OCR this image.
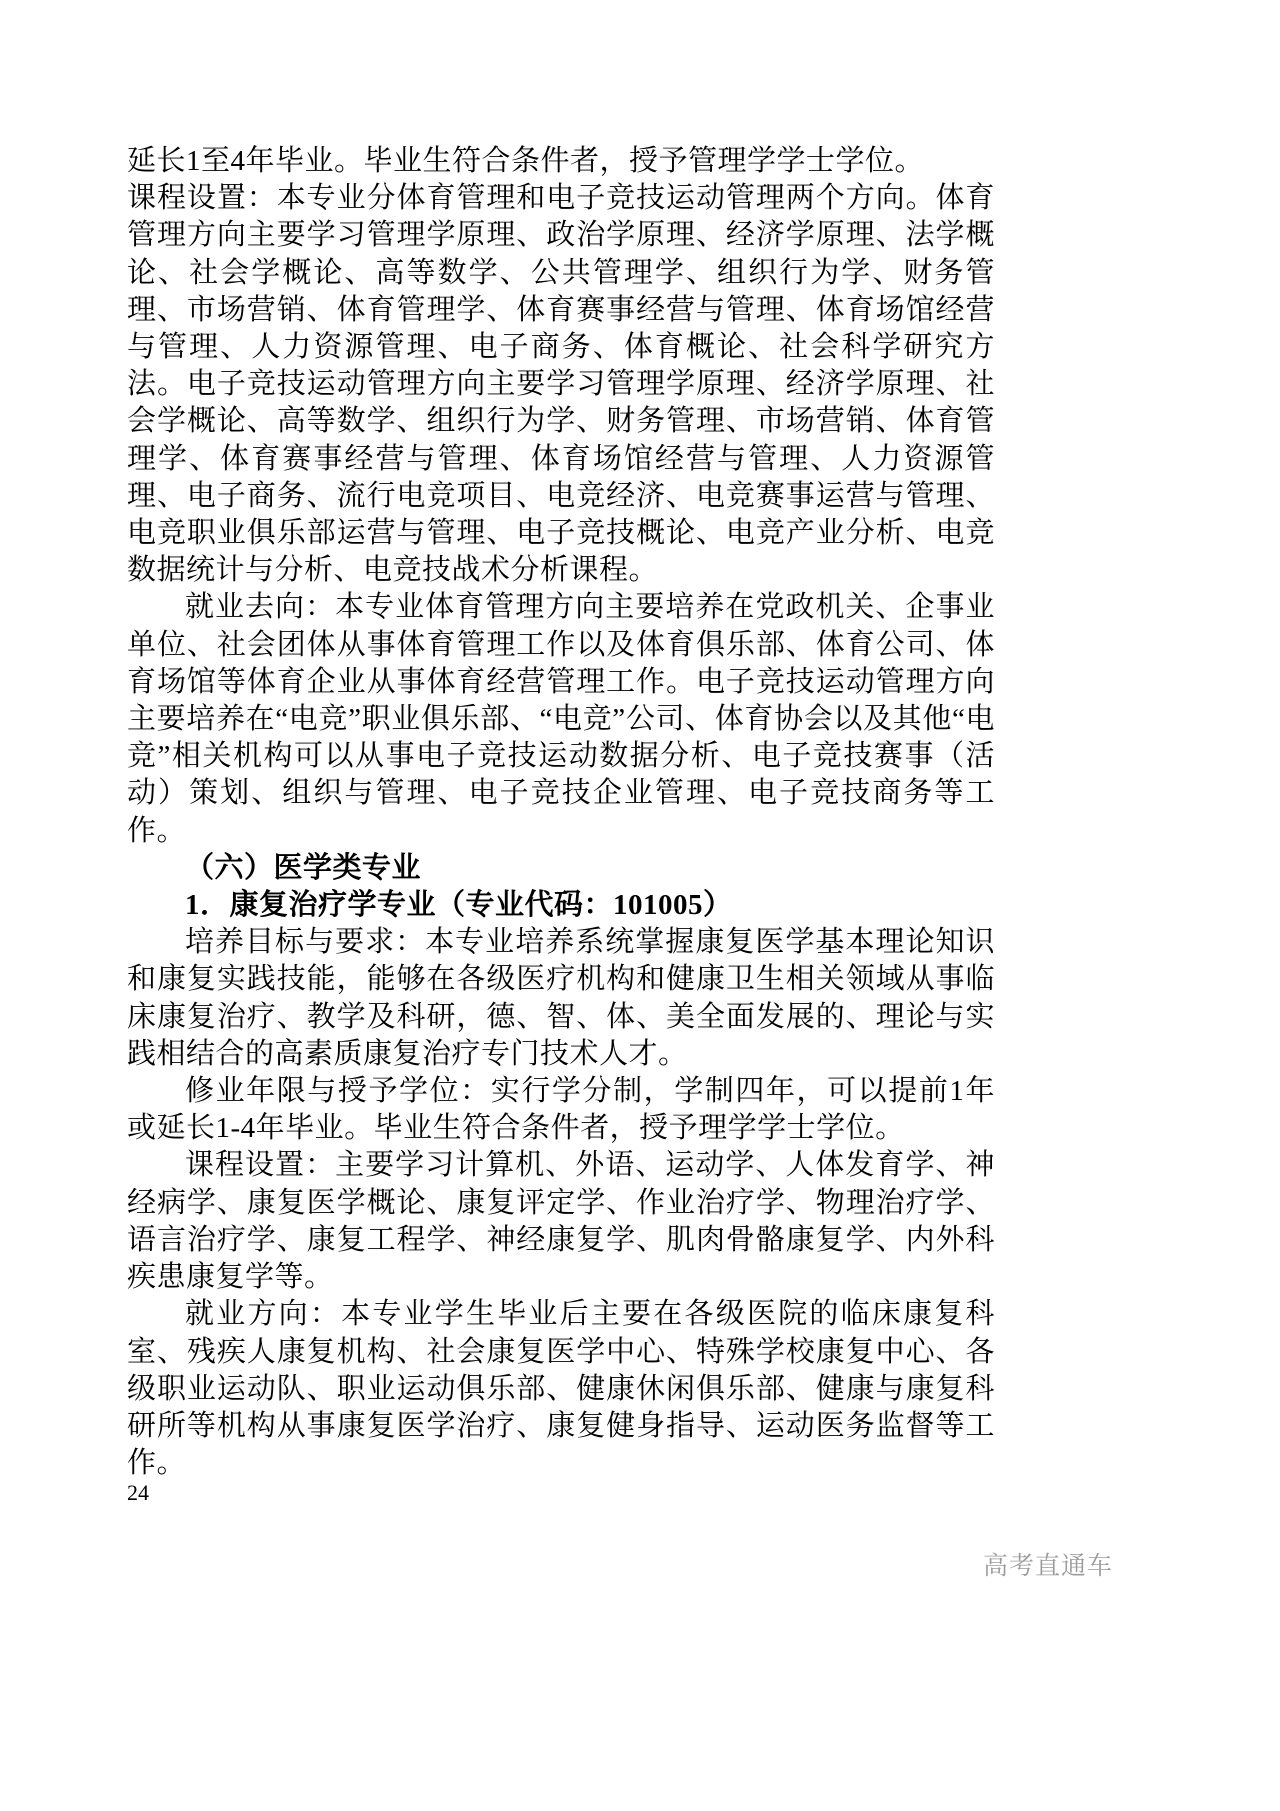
延长1至4年毕业。毕业生符合条件者，授予管理学学士学位。

课程设置：本专业分体育管理和电子竞技运动管理两个方向。体育管理方向主要学习管理学原理、政治学原理、经济学原理、法学概论、社会学概论、高等数学、公共管理学、组织行为学、财务管理、市场营销、体育管理学、体育赛事经营与管理、体育场馆经营与管理、人力资源管理、电子商务、体育概论、社会科学研究方法。电子竞技运动管理方向主要学习管理学原理、经济学原理、社会学概论、高等数学、组织行为学、财务管理、市场营销、体育管理学、体育赛事经营与管理、体育场馆经营与管理、人力资源管理、电子商务、流行电竞项目、电竞经济、电竞赛事运营与管理、电竞职业俱乐部运营与管理、电子竞技概论、电竞产业分析、电竞数据统计与分析、电竞技战术分析课程。

就业去向：本专业体育管理方向主要培养在党政机关、企事业单位、社会团体从事体育管理工作以及体育俱乐部、体育公司、体育场馆等体育企业从事体育经营管理工作。电子竞技运动管理方向主要培养在“电竞”职业俱乐部、“电竞”公司、体育协会以及其他“电竞”相关机构可以从事电子竞技运动数据分析、电子竞技赛事（活动）策划、组织与管理、电子竞技企业管理、电子竞技商务等工作。

（六）医学类专业

1．康复治疗学专业（专业代码：101005）

培养目标与要求：本专业培养系统掌握康复医学基本理论知识和康复实践技能，能够在各级医疗机构和健康卫生相关领域从事临床康复治疗、教学及科研，德、智、体、美全面发展的、理论与实践相结合的高素质康复治疗专门技术人才。

修业年限与授予学位：实行学分制，学制四年，可以提前1年或延长1-4年毕业。毕业生符合条件者，授予理学学士学位。

课程设置：主要学习计算机、外语、运动学、人体发育学、神经病学、康复医学概论、康复评定学、作业治疗学、物理治疗学、语言治疗学、康复工程学、神经康复学、肌肉骨骼康复学、内外科疾患康复学等。

就业方向：本专业学生毕业后主要在各级医院的临床康复科室、残疾人康复机构、社会康复医学中心、特殊学校康复中心、各级职业运动队、职业运动俱乐部、健康休闲俱乐部、健康与康复科研所等机构从事康复医学治疗、康复健身指导、运动医务监督等工作。

24
高考直通车
